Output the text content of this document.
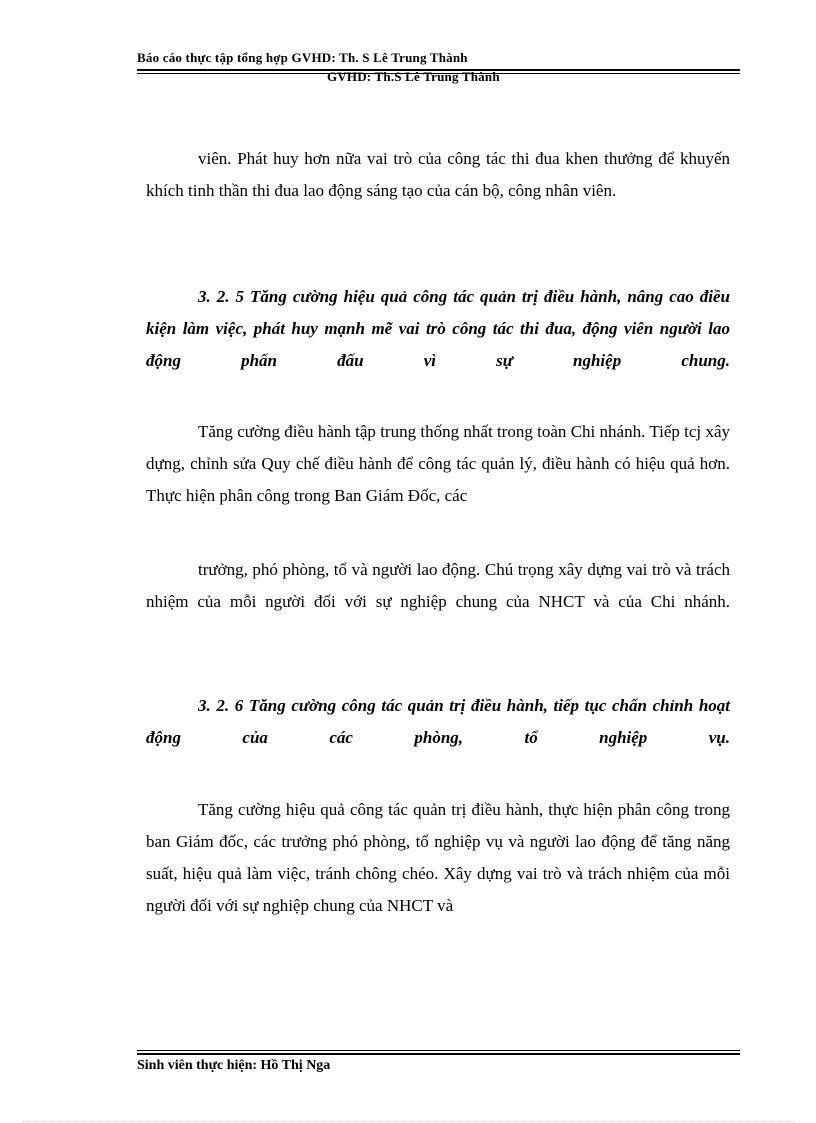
Báo cáo thực tập tổng hợp GVHD: Th. S Lê Trung Thành
GVHD: Th.S Lê Trung Thành
viên. Phát huy hơn nữa vai trò của công tác thi đua khen thưởng để khuyến khích tinh thần thi đua lao động sáng tạo của cán bộ, công nhân viên.
3. 2. 5 Tăng cường hiệu quả công tác quản trị điều hành, nâng cao điều kiện làm việc, phát huy mạnh mẽ vai trò công tác thi đua, động viên người lao động phấn đấu vì sự nghiệp chung.
Tăng cường điều hành tập trung thống nhất trong toàn Chi nhánh. Tiếp tcj xây dựng, chỉnh sửa Quy chế điều hành để công tác quản lý, điều hành có hiệu quả hơn. Thực hiện phân công trong Ban Giám Đốc, các
trưởng, phó phòng, tổ và người lao động. Chú trọng xây dựng vai trò và trách nhiệm của mỗi người đối với sự nghiệp chung của NHCT và của Chi nhánh.
3. 2. 6 Tăng cường công tác quản trị điều hành, tiếp tục chấn chỉnh hoạt động của các phòng, tổ nghiệp vụ.
Tăng cường hiệu quả công tác quản trị điều hành, thực hiện phân công trong ban Giám đốc, các trưởng phó phòng, tổ nghiệp vụ và người lao động để tăng năng suất, hiệu quả làm việc, tránh chông chéo. Xây dựng vai trò và trách nhiệm của mỗi người đối với sự nghiệp chung của NHCT và
Sinh viên thực hiện: Hồ Thị Nga
